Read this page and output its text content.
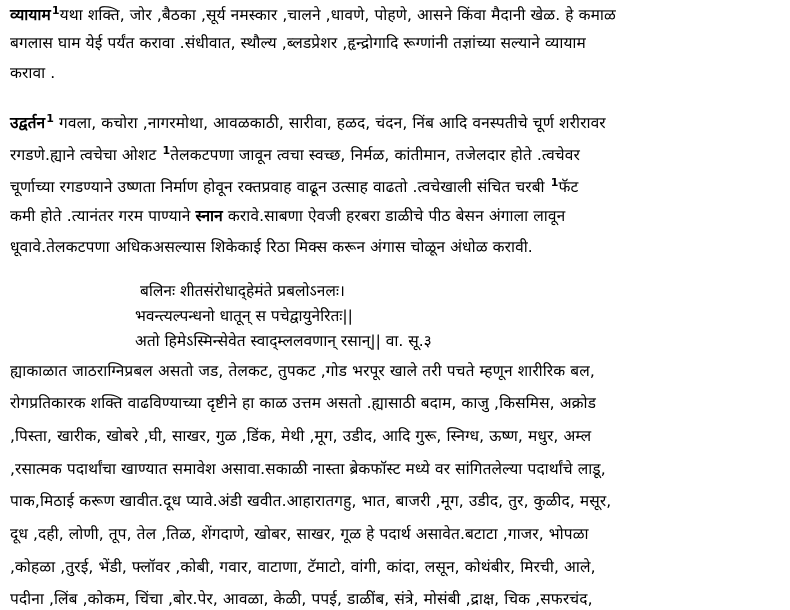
व्यायाम$^1$यथा शक्ति, जोर ,बैठका ,सूर्य नमस्कार ,चालने ,धावणे, पोहणे, आसने किंवा मैदानी खेळ. हे कमाळ
बगलास घाम येई पर्यंत करावा .संधीवात, स्थौल्य ,ब्लडप्रेशर ,हृन्द्रोगादि रूग्णांनी तज्ञांच्या सल्याने व्यायाम
करावा .
उद्वर्तन$^1$ गवला, कचोरा ,नागरमोथा, आवळकाठी, सारीवा, हळद, चंदन, निंब आदि वनस्पतीचे चूर्ण शरीरावर
रगडणे.ह्याने त्वचेचा ओशट $^1$तेलकटपणा जावून त्वचा स्वच्छ, निर्मळ, कांतीमान, तजेलदार होते .त्वचेवर
चूर्णाच्या रगडण्याने उष्णता निर्माण होवून रक्तप्रवाह वाढून उत्साह वाढतो .त्वचेखाली संचित चरबी $^1$फॅट
कमी होते .त्यानंतर गरम पाण्याने स्नान करावे.साबणा ऐवजी हरबरा डाळीचे पीठ बेसन अंगाला लावून
धूवावे.तेलकटपणा अधिकअसल्यास शिकेकाई रिठा मिक्स करून अंगास चोळून अंधोळ करावी.
बलिनः शीतसंरोधाद्हेमंते प्रबलोऽनलः।
भवन्त्यल्पन्धनो धातून् स पचेद्वायुनेरितः||
अतो हिमेऽस्मिन्सेवेत स्वाद्म्ललवणान् रसान्|| वा. सू.३
ह्याकाळात जाठराग्निप्रबल असतो जड, तेलकट, तुपकट ,गोड भरपूर खाले तरी पचते म्हणून शारीरिक बल,
रोगप्रतिकारक शक्ति वाढविण्याच्या दृष्टीने हा काळ उत्तम असतो .ह्यासाठी बदाम, काजु ,किसमिस, अक्रोड
,पिस्ता, खारीक, खोबरे ,घी, साखर, गुळ ,डिंक, मेथी ,मूग, उडीद, आदि गुरू, स्निग्ध, ऊष्ण, मधुर, अम्ल
,रसात्मक पदार्थांचा खाण्यात समावेश असावा.सकाळी नास्ता ब्रेकफॉस्ट मध्ये वर सांगितलेल्या पदार्थांचे लाडू,
पाक,मिठाई करूण खावीत.दूध प्यावे.अंडी खवीत.आहारातगहु, भात, बाजरी ,मूग, उडीद, तुर, कुळीद, मसूर,
दूध ,दही, लोणी, तूप, तेल ,तिळ, शेंगदाणे, खोबर, साखर, गूळ हे पदार्थ असावेत.बटाटा ,गाजर, भोपळा
,कोहळा ,तुरई, भेंडी, फ्लॉवर ,कोबी, गवार, वाटाणा, टॅमाटो, वांगी, कांदा, लसून, कोथंबीर, मिरची, आले,
पदीना ,लिंब ,कोकम, चिंचा ,बोर.पेर, आवळा, केळी, पपई, डाळींब, संत्रे, मोसंबी ,द्राक्ष, चिक ,सफरचंद,
